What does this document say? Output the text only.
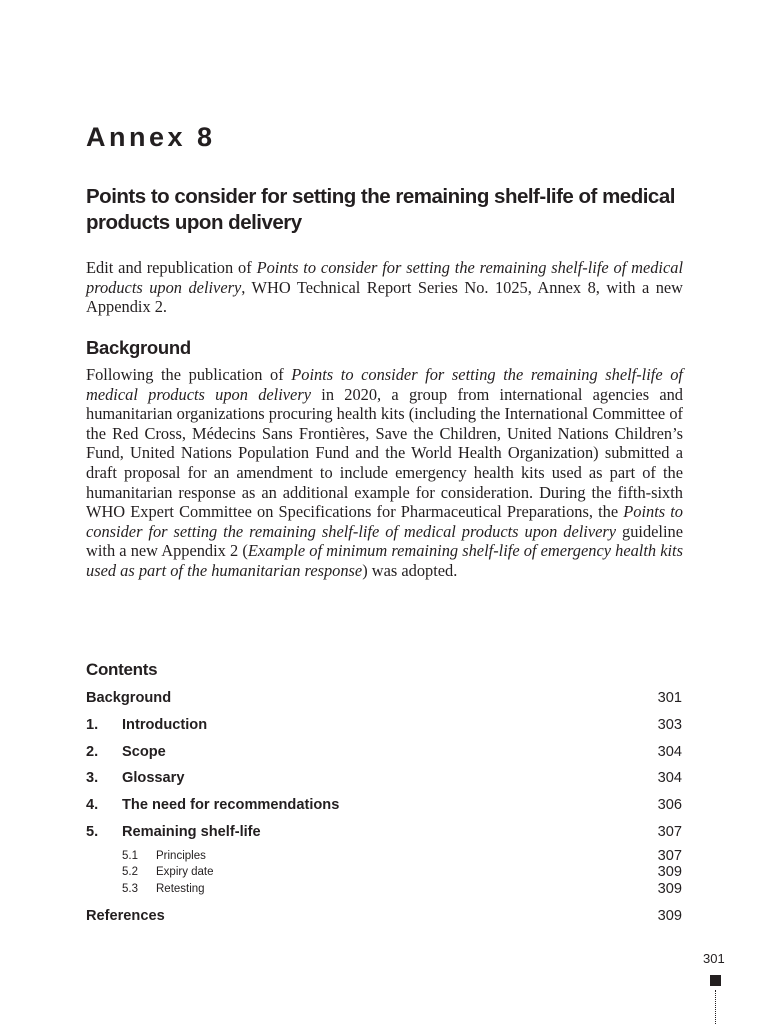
Annex 8
Points to consider for setting the remaining shelf-life of medical products upon delivery

Edit and republication of Points to consider for setting the remaining shelf-life of medical products upon delivery, WHO Technical Report Series No. 1025, Annex 8, with a new Appendix 2.

Background

Following the publication of Points to consider for setting the remaining shelf-life of medical products upon delivery in 2020, a group from international agencies and humanitarian organizations procuring health kits (including the International Committee of the Red Cross, Médecins Sans Frontières, Save the Children, United Nations Children’s Fund, United Nations Population Fund and the World Health Organization) submitted a draft proposal for an amendment to include emergency health kits used as part of the humanitarian response as an additional example for consideration. During the fifth-sixth WHO Expert Committee on Specifications for Pharmaceutical Preparations, the Points to consider for setting the remaining shelf-life of medical products upon delivery guideline with a new Appendix 2 (Example of minimum remaining shelf-life of emergency health kits used as part of the humanitarian response) was adopted.

Contents
Background	301
1. Introduction	303
2. Scope	304
3. Glossary	304
4. The need for recommendations	306
5. Remaining shelf-life	307
5.1 Principles	307
5.2 Expiry date	309
5.3 Retesting	309
References	309
301
